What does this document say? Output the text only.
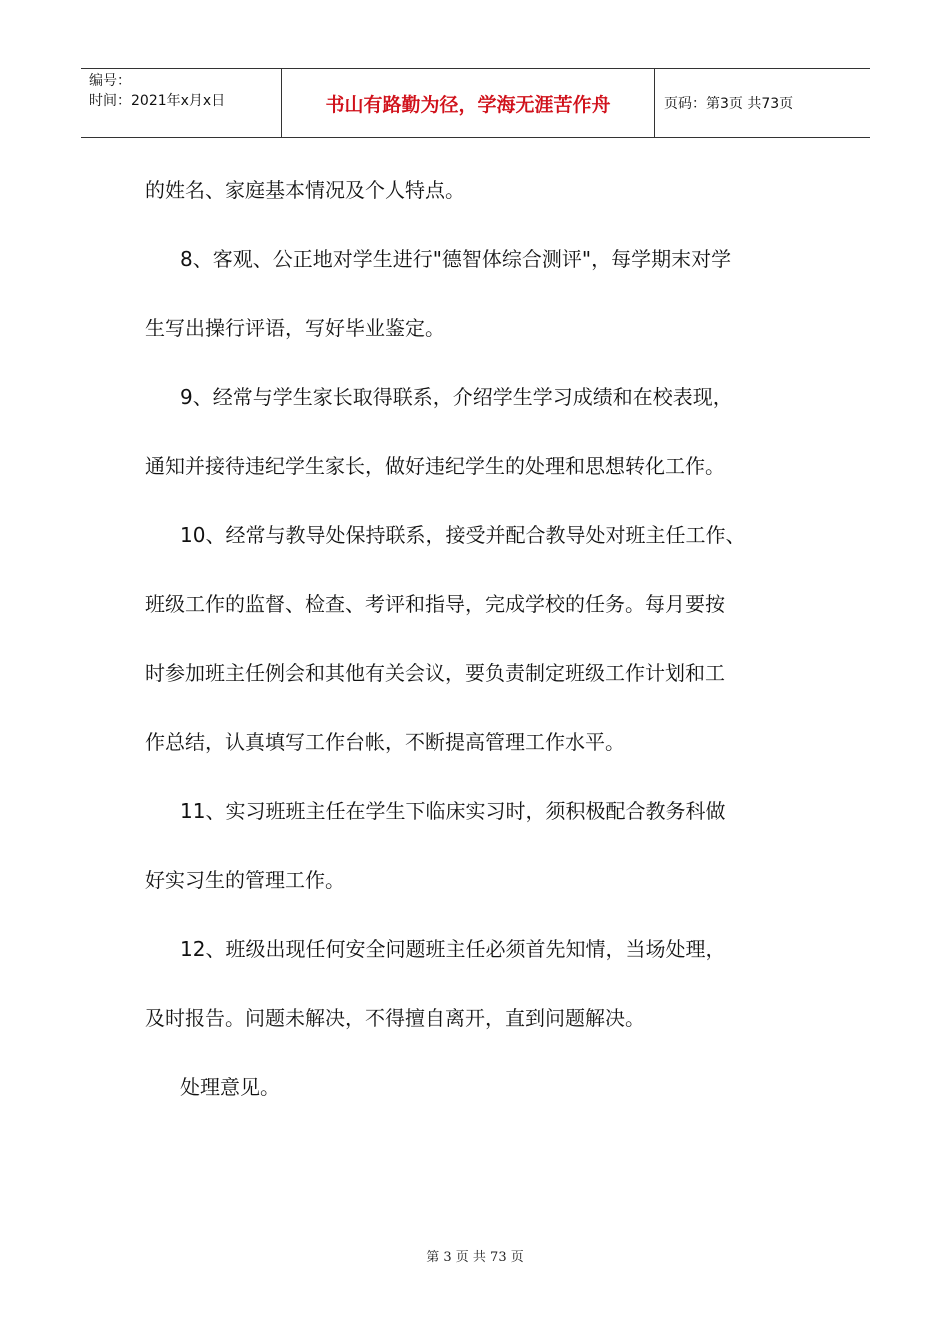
编号：
时间：2021年x月x日	书山有路勤为径，学海无涯苦作舟	页码：第3页 共73页

的姓名、家庭基本情况及个人特点。

8、客观、公正地对学生进行"德智体综合测评"，每学期末对学

生写出操行评语，写好毕业鉴定。

9、经常与学生家长取得联系，介绍学生学习成绩和在校表现，

通知并接待违纪学生家长，做好违纪学生的处理和思想转化工作。

10、经常与教导处保持联系，接受并配合教导处对班主任工作、

班级工作的监督、检查、考评和指导，完成学校的任务。每月要按

时参加班主任例会和其他有关会议，要负责制定班级工作计划和工

作总结，认真填写工作台帐，不断提高管理工作水平。

11、实习班班主任在学生下临床实习时，须积极配合教务科做

好实习生的管理工作。

12、班级出现任何安全问题班主任必须首先知情，当场处理，

及时报告。问题未解决，不得擅自离开，直到问题解决。

处理意见。

第 3 页 共 73 页
